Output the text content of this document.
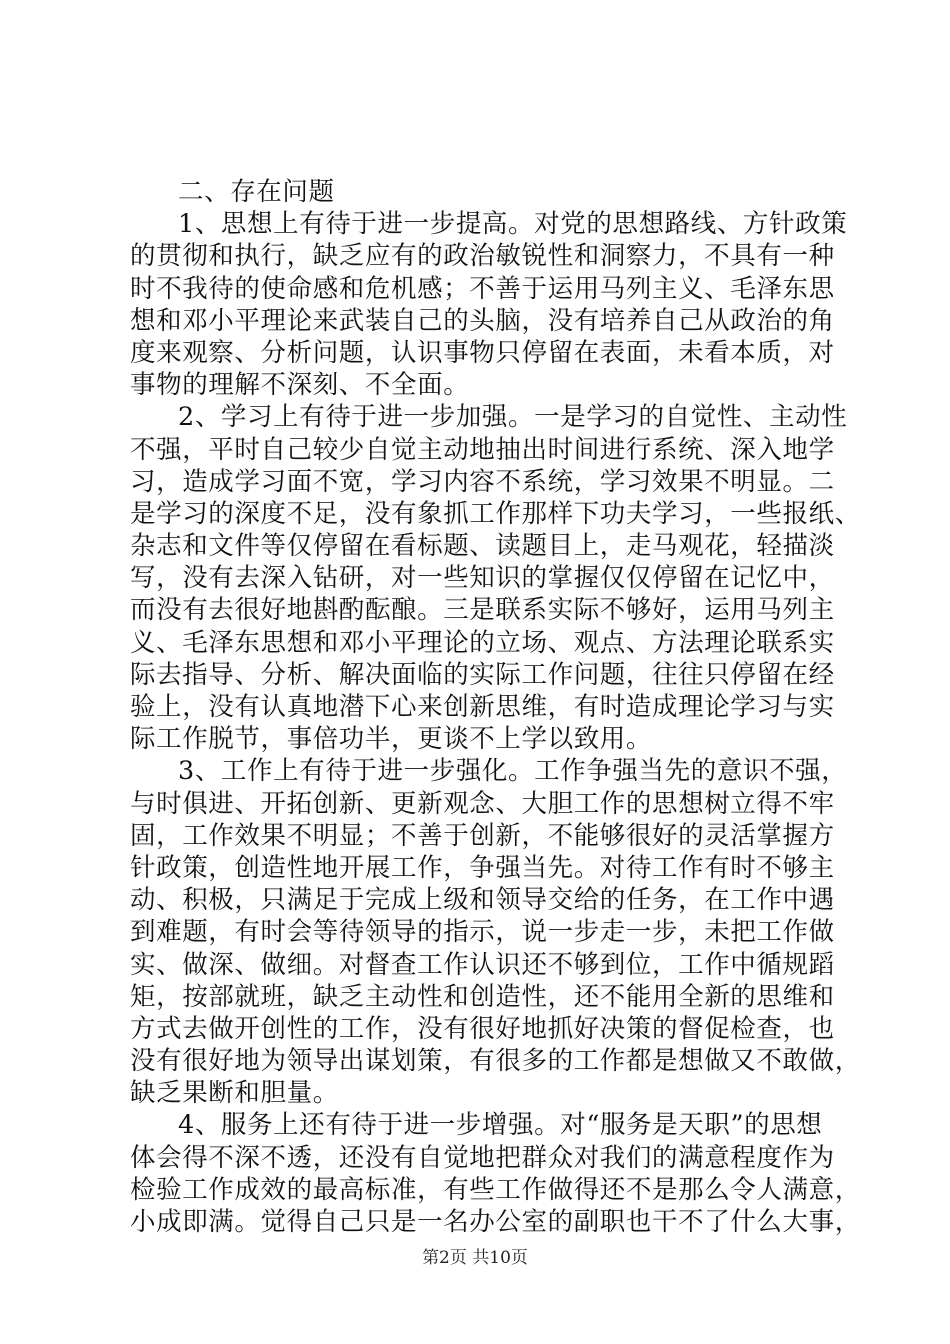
二、存在问题
1、思想上有待于进一步提高。对党的思想路线、方针政策
的贯彻和执行，缺乏应有的政治敏锐性和洞察力，不具有一种
时不我待的使命感和危机感；不善于运用马列主义、毛泽东思
想和邓小平理论来武装自己的头脑，没有培养自己从政治的角
度来观察、分析问题，认识事物只停留在表面，未看本质，对
事物的理解不深刻、不全面。
2、学习上有待于进一步加强。一是学习的自觉性、主动性
不强，平时自己较少自觉主动地抽出时间进行系统、深入地学
习，造成学习面不宽，学习内容不系统，学习效果不明显。二
是学习的深度不足，没有象抓工作那样下功夫学习，一些报纸、
杂志和文件等仅停留在看标题、读题目上，走马观花，轻描淡
写，没有去深入钻研，对一些知识的掌握仅仅停留在记忆中，
而没有去很好地斟酌酝酿。三是联系实际不够好，运用马列主
义、毛泽东思想和邓小平理论的立场、观点、方法理论联系实
际去指导、分析、解决面临的实际工作问题，往往只停留在经
验上，没有认真地潜下心来创新思维，有时造成理论学习与实
际工作脱节，事倍功半，更谈不上学以致用。
3、工作上有待于进一步强化。工作争强当先的意识不强，
与时俱进、开拓创新、更新观念、大胆工作的思想树立得不牢
固，工作效果不明显；不善于创新，不能够很好的灵活掌握方
针政策，创造性地开展工作，争强当先。对待工作有时不够主
动、积极，只满足于完成上级和领导交给的任务，在工作中遇
到难题，有时会等待领导的指示，说一步走一步，未把工作做
实、做深、做细。对督查工作认识还不够到位，工作中循规蹈
矩，按部就班，缺乏主动性和创造性，还不能用全新的思维和
方式去做开创性的工作，没有很好地抓好决策的督促检查，也
没有很好地为领导出谋划策，有很多的工作都是想做又不敢做，
缺乏果断和胆量。
4、服务上还有待于进一步增强。对“服务是天职”的思想
体会得不深不透，还没有自觉地把群众对我们的满意程度作为
检验工作成效的最高标准，有些工作做得还不是那么令人满意，
小成即满。觉得自己只是一名办公室的副职也干不了什么大事，
第2页 共10页
